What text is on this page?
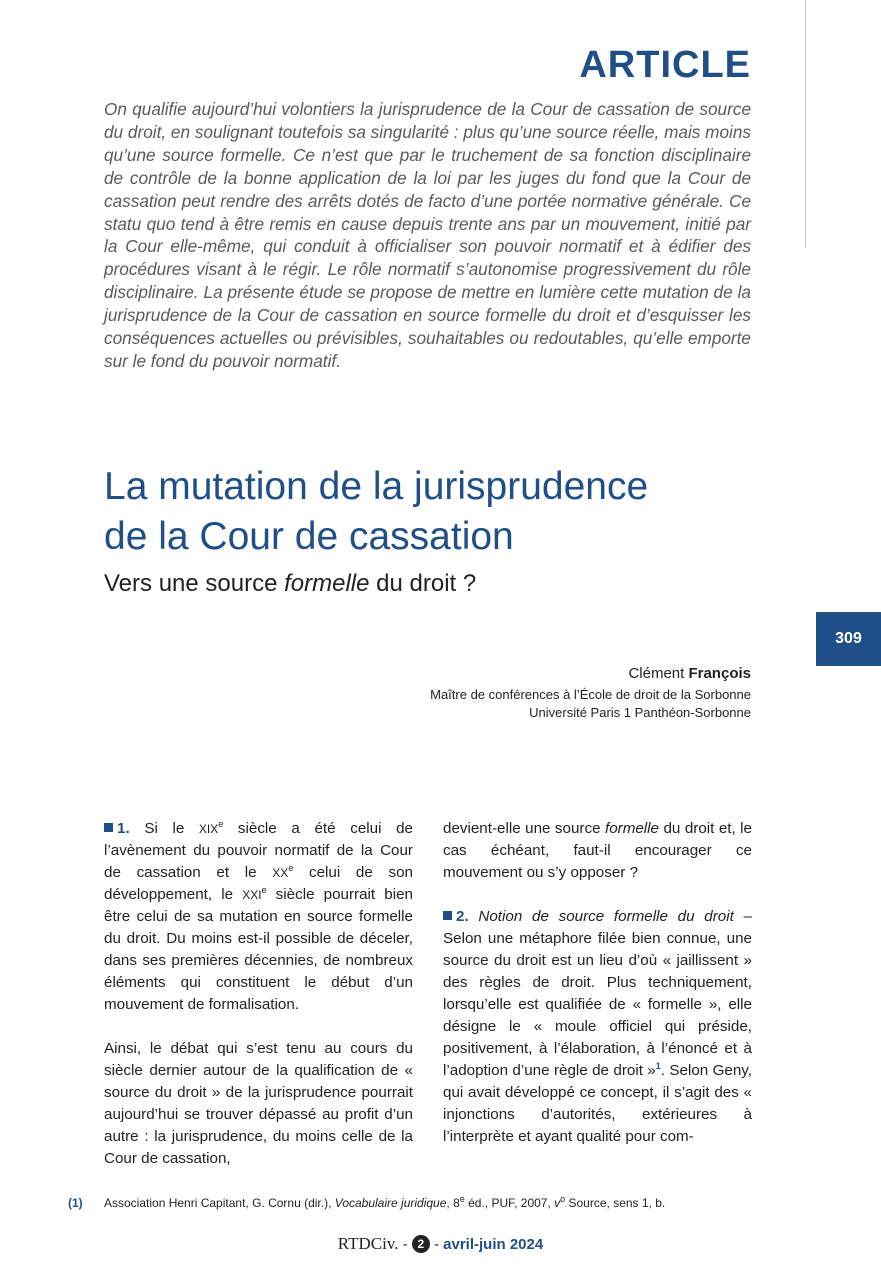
ARTICLE

On qualifie aujourd’hui volontiers la jurisprudence de la Cour de cassation de source du droit, en soulignant toutefois sa singularité : plus qu’une source réelle, mais moins qu’une source formelle. Ce n’est que par le truchement de sa fonction disciplinaire de contrôle de la bonne application de la loi par les juges du fond que la Cour de cassation peut rendre des arrêts dotés de facto d’une portée normative générale. Ce statu quo tend à être remis en cause depuis trente ans par un mouvement, initié par la Cour elle-même, qui conduit à officialiser son pouvoir normatif et à édifier des procédures visant à le régir. Le rôle normatif s’autonomise progressivement du rôle disciplinaire. La présente étude se propose de mettre en lumière cette mutation de la jurisprudence de la Cour de cassation en source formelle du droit et d’esquisser les conséquences actuelles ou prévisibles, souhaitables ou redoutables, qu’elle emporte sur le fond du pouvoir normatif.

La mutation de la jurisprudence
de la Cour de cassation
Vers une source formelle du droit ?
309
Clément François
Maître de conférences à l’École de droit de la Sorbonne
Université Paris 1 Panthéon-Sorbonne

1. Si le XIXe siècle a été celui de l’avènement du pouvoir normatif de la Cour de cassation et le XXe celui de son développement, le XXIe siècle pourrait bien être celui de sa mutation en source formelle du droit. Du moins est-il possible de déceler, dans ses premières décennies, de nombreux éléments qui constituent le début d’un mouvement de formalisation.

Ainsi, le débat qui s’est tenu au cours du siècle dernier autour de la qualification de « source du droit » de la jurisprudence pourrait aujourd’hui se trouver dépassé au profit d’un autre : la jurisprudence, du moins celle de la Cour de cassation,

devient-elle une source formelle du droit et, le cas échéant, faut-il encourager ce mouvement ou s’y opposer ?

2. Notion de source formelle du droit – Selon une métaphore filée bien connue, une source du droit est un lieu d’où « jaillissent » des règles de droit. Plus techniquement, lorsqu’elle est qualifiée de « formelle », elle désigne le « moule officiel qui préside, positivement, à l’élaboration, à l’énoncé et à l’adoption d’une règle de droit »$^1$. Selon Geny, qui avait développé ce concept, il s’agit des « injonctions d’autorités, extérieures à l’interprète et ayant qualité pour com-

(1) Association Henri Capitant, G. Cornu (dir.), Vocabulaire juridique, 8e éd., PUF, 2007, $v^o$ Source, sens 1, b.
RTDCiv. - 2 - avril-juin 2024
